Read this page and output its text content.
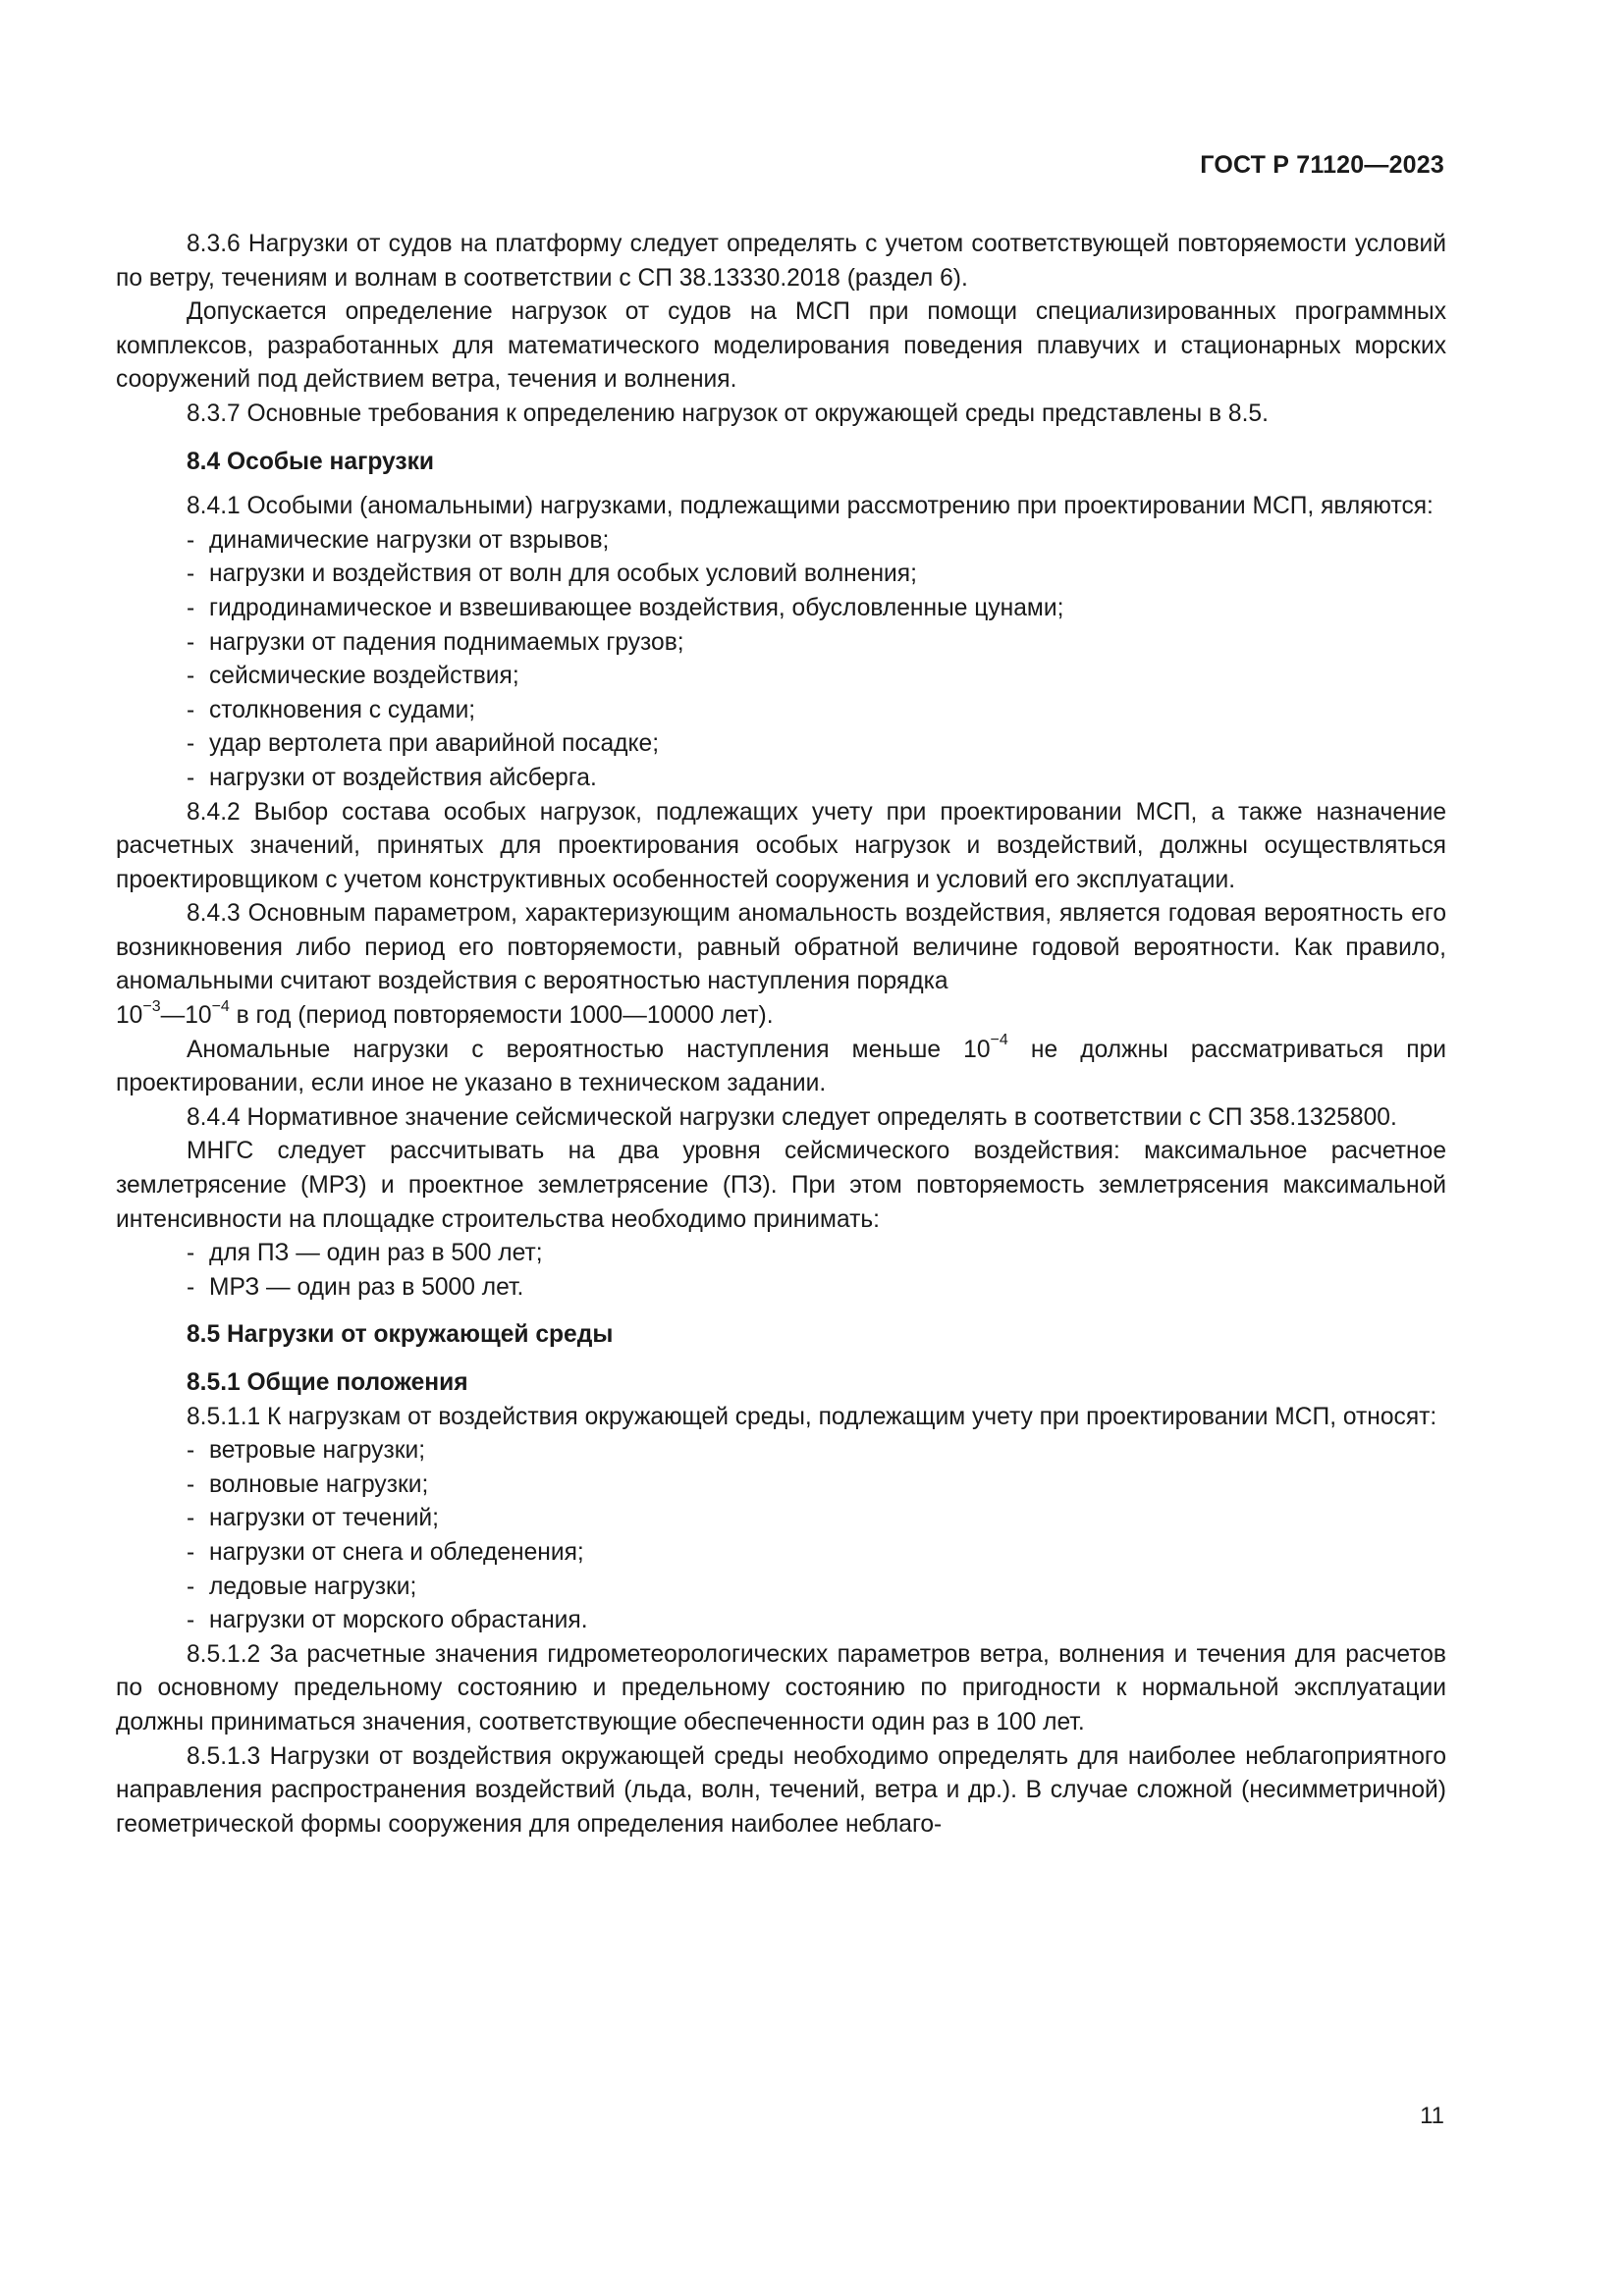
ГОСТ Р 71120—2023

8.3.6 Нагрузки от судов на платформу следует определять с учетом соответствующей повторяемости условий по ветру, течениям и волнам в соответствии с СП 38.13330.2018 (раздел 6).

Допускается определение нагрузок от судов на МСП при помощи специализированных программных комплексов, разработанных для математического моделирования поведения плавучих и стационарных морских сооружений под действием ветра, течения и волнения.

8.3.7 Основные требования к определению нагрузок от окружающей среды представлены в 8.5.

8.4 Особые нагрузки

8.4.1 Особыми (аномальными) нагрузками, подлежащими рассмотрению при проектировании МСП, являются:

- динамические нагрузки от взрывов;
- нагрузки и воздействия от волн для особых условий волнения;
- гидродинамическое и взвешивающее воздействия, обусловленные цунами;
- нагрузки от падения поднимаемых грузов;
- сейсмические воздействия;
- столкновения с судами;
- удар вертолета при аварийной посадке;
- нагрузки от воздействия айсберга.

8.4.2 Выбор состава особых нагрузок, подлежащих учету при проектировании МСП, а также назначение расчетных значений, принятых для проектирования особых нагрузок и воздействий, должны осуществляться проектировщиком с учетом конструктивных особенностей сооружения и условий его эксплуатации.

8.4.3 Основным параметром, характеризующим аномальность воздействия, является годовая вероятность его возникновения либо период его повторяемости, равный обратной величине годовой вероятности. Как правило, аномальными считают воздействия с вероятностью наступления порядка
$10^{-3}—10^{-4}$ в год (период повторяемости 1000—10000 лет).

Аномальные нагрузки с вероятностью наступления меньше $10^{-4}$ не должны рассматриваться при проектировании, если иное не указано в техническом задании.

8.4.4 Нормативное значение сейсмической нагрузки следует определять в соответствии с СП 358.1325800.

МНГС следует рассчитывать на два уровня сейсмического воздействия: максимальное расчетное землетрясение (МРЗ) и проектное землетрясение (ПЗ). При этом повторяемость землетрясения максимальной интенсивности на площадке строительства необходимо принимать:

- для ПЗ — один раз в 500 лет;
- МРЗ — один раз в 5000 лет.
8.5 Нагрузки от окружающей среды
8.5.1 Общие положения

8.5.1.1 К нагрузкам от воздействия окружающей среды, подлежащим учету при проектировании МСП, относят:

- ветровые нагрузки;
- волновые нагрузки;
- нагрузки от течений;
- нагрузки от снега и обледенения;
- ледовые нагрузки;
- нагрузки от морского обрастания.

8.5.1.2 За расчетные значения гидрометеорологических параметров ветра, волнения и течения для расчетов по основному предельному состоянию и предельному состоянию по пригодности к нормальной эксплуатации должны приниматься значения, соответствующие обеспеченности один раз в 100 лет.

8.5.1.3 Нагрузки от воздействия окружающей среды необходимо определять для наиболее неблагоприятного направления распространения воздействий (льда, волн, течений, ветра и др.). В случае сложной (несимметричной) геометрической формы сооружения для определения наиболее неблаго-

11
